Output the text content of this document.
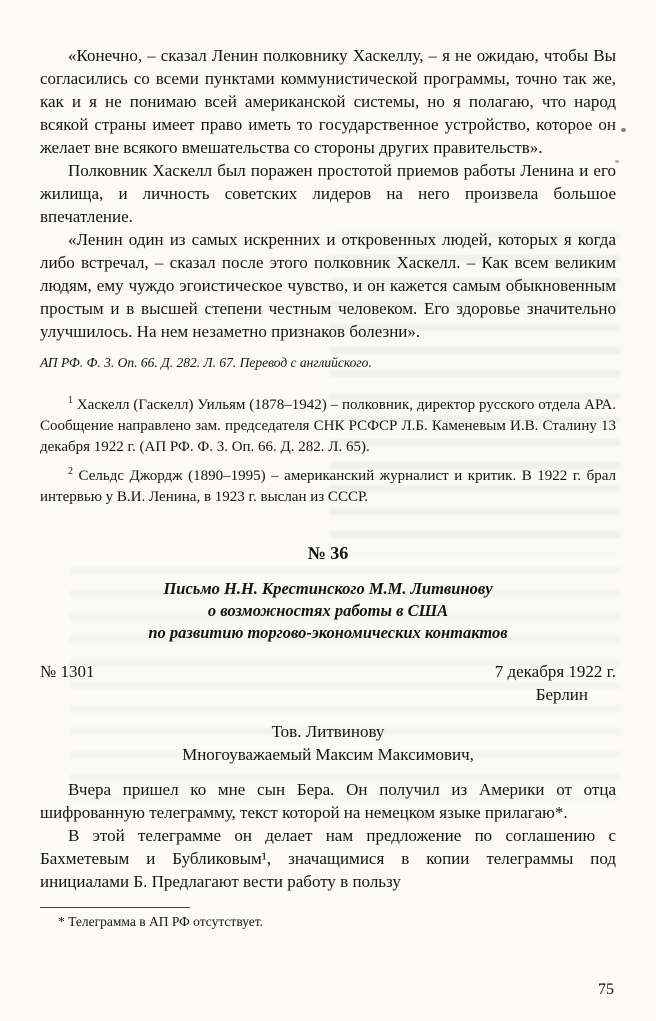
«Конечно, – сказал Ленин полковнику Хаскеллу, – я не ожидаю, чтобы Вы согласились со всеми пунктами коммунистической программы, точно так же, как и я не понимаю всей американской системы, но я полагаю, что народ всякой страны имеет право иметь то государственное устройство, которое он желает вне всякого вмешательства со стороны других правительств».

Полковник Хаскелл был поражен простотой приемов работы Ленина и его жилища, и личность советских лидеров на него произвела большое впечатление.

«Ленин один из самых искренних и откровенных людей, которых я когда либо встречал, – сказал после этого полковник Хаскелл. – Как всем великим людям, ему чуждо эгоистическое чувство, и он кажется самым обыкновенным простым и в высшей степени честным человеком. Его здоровье значительно улучшилось. На нем незаметно признаков болезни».

АП РФ. Ф. 3. Оп. 66. Д. 282. Л. 67. Перевод с английского.

$^1$ Хаскелл (Гаскелл) Уильям (1878–1942) – полковник, директор русского отдела АРА. Сообщение направлено зам. председателя СНК РСФСР Л.Б. Каменевым И.В. Сталину 13 декабря 1922 г. (АП РФ. Ф. 3. Оп. 66. Д. 282. Л. 65).

$^2$ Сельдс Джордж (1890–1995) – американский журналист и критик. В 1922 г. брал интервью у В.И. Ленина, в 1923 г. выслан из СССР.

№ 36
Письмо Н.Н. Крестинского М.М. Литвинову
о возможностях работы в США
по развитию торгово-экономических контактов
№ 1301	7 декабря 1922 г.
Берлин
Тов. Литвинову
Многоуважаемый Максим Максимович,

Вчера пришел ко мне сын Бера. Он получил из Америки от отца шифрованную телеграмму, текст которой на немецком языке прилагаю*.

В этой телеграмме он делает нам предложение по соглашению с Бахметевым и Бубликовым¹, значащимися в копии телеграммы под инициалами Б. Предлагают вести работу в пользу

* Телеграмма в АП РФ отсутствует.

75
